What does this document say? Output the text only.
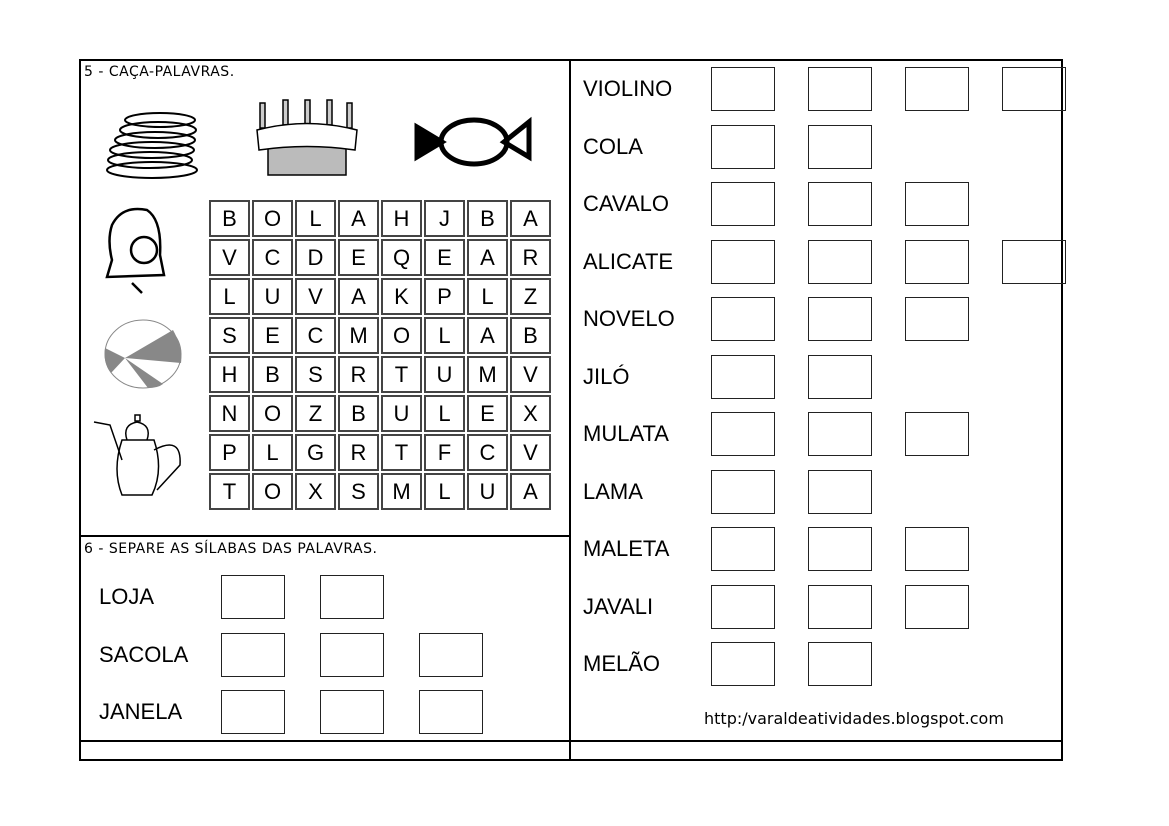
5 - CAÇA-PALAVRAS.
B	O	L	A	H	J	B	A
V	C	D	E	Q	E	A	R
L	U	V	A	K	P	L	Z
S	E	C	M	O	L	A	B
H	B	S	R	T	U	M	V
N	O	Z	B	U	L	E	X
P	L	G	R	T	F	C	V
T	O	X	S	M	L	U	A
6 - SEPARE AS SÍLABAS DAS PALAVRAS.
LOJA
SACOLA
JANELA
VIOLINO
COLA
CAVALO
ALICATE
NOVELO
JILÓ
MULATA
LAMA
MALETA
JAVALI
MELÃO
http:/varaldeatividades.blogspot.com
